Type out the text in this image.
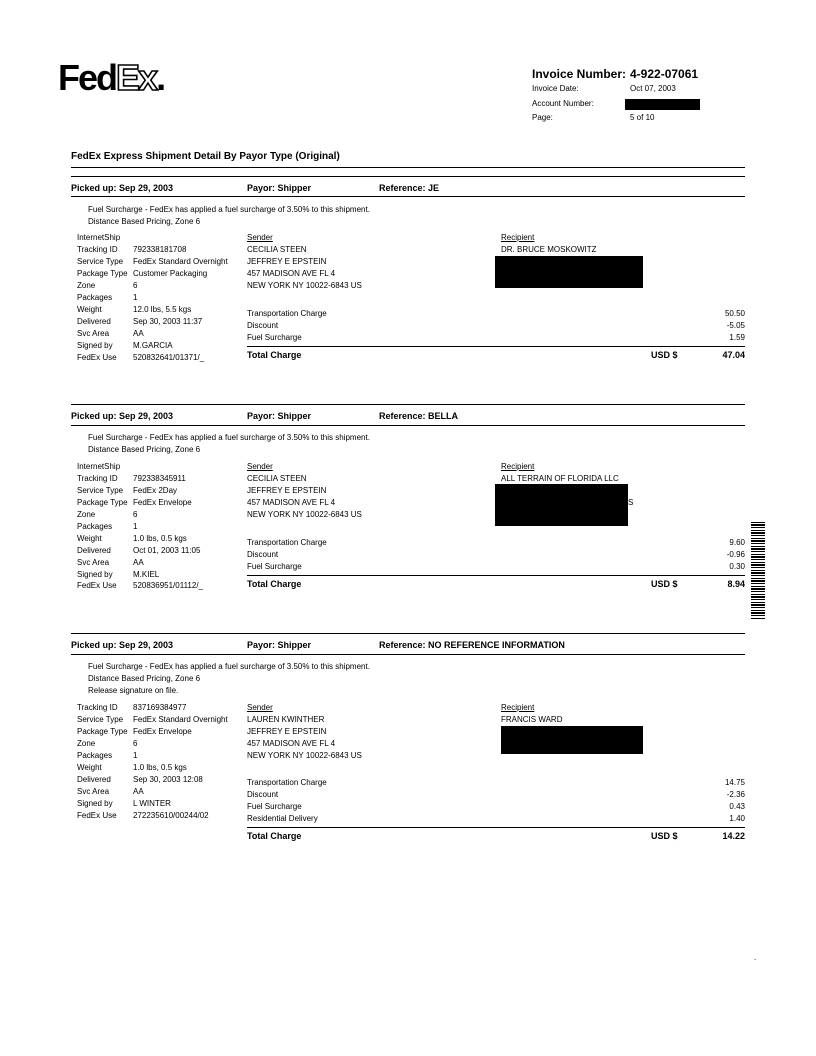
FedEx.	Invoice Number: 4-922-07061
Invoice Date:	Oct 07, 2003
Account Number:
Page:	5 of 10
FedEx Express Shipment Detail By Payor Type (Original)
Picked up: Sep 29, 2003	Payor: Shipper	Reference: JE
Fuel Surcharge - FedEx has applied a fuel surcharge of 3.50% to this shipment.
Distance Based Pricing, Zone 6
InternetShip
Tracking ID 792338181708
Service Type FedEx Standard Overnight
Package Type Customer Packaging
Zone	6
Packages	1
Weight	12.0 lbs, 5.5 kgs
Delivered	Sep 30, 2003 11:37
Svc Area	AA
Signed by	M.GARCIA
FedEx Use 520832641/01371/_
Sender
CECILIA STEEN
JEFFREY E EPSTEIN
457 MADISON AVE FL 4
NEW YORK NY 10022-6843 US
Recipient
DR. BRUCE MOSKOWITZ
Transportation Charge	50.50
Discount	-5.05
Fuel Surcharge	1.59
Total Charge	USD $	47.04
Picked up: Sep 29, 2003	Payor: Shipper	Reference: BELLA
Fuel Surcharge - FedEx has applied a fuel surcharge of 3.50% to this shipment.
Distance Based Pricing, Zone 6
InternetShip
Tracking ID 792338345911
Service Type FedEx 2Day
Package Type FedEx Envelope
Zone	6
Packages	1
Weight	1.0 lbs, 0.5 kgs
Delivered	Oct 01, 2003 11:05
Svc Area	AA
Signed by	M.KIEL
FedEx Use 520836951/01112/_
Sender
CECILIA STEEN
JEFFREY E EPSTEIN
457 MADISON AVE FL 4
NEW YORK NY 10022-6843 US
Recipient
ALL TERRAIN OF FLORIDA LLC
S
Transportation Charge	9.60
Discount	-0.96
Fuel Surcharge	0.30
Total Charge	USD $	8.94
Picked up: Sep 29, 2003	Payor: Shipper	Reference: NO REFERENCE INFORMATION
Fuel Surcharge - FedEx has applied a fuel surcharge of 3.50% to this shipment.
Distance Based Pricing, Zone 6
Release signature on file.
Tracking ID 837169384977
Service Type FedEx Standard Overnight
Package Type FedEx Envelope
Zone	6
Packages	1
Weight	1.0 lbs, 0.5 kgs
Delivered	Sep 30, 2003 12:08
Svc Area	AA
Signed by	L WINTER
FedEx Use 272235610/00244/02
Sender
LAUREN KWINTHER
JEFFREY E EPSTEIN
457 MADISON AVE FL 4
NEW YORK NY 10022-6843 US
Recipient
FRANCIS WARD
Transportation Charge	14.75
Discount	-2.36
Fuel Surcharge	0.43
Residential Delivery	1.40
Total Charge	USD $	14.22
.
